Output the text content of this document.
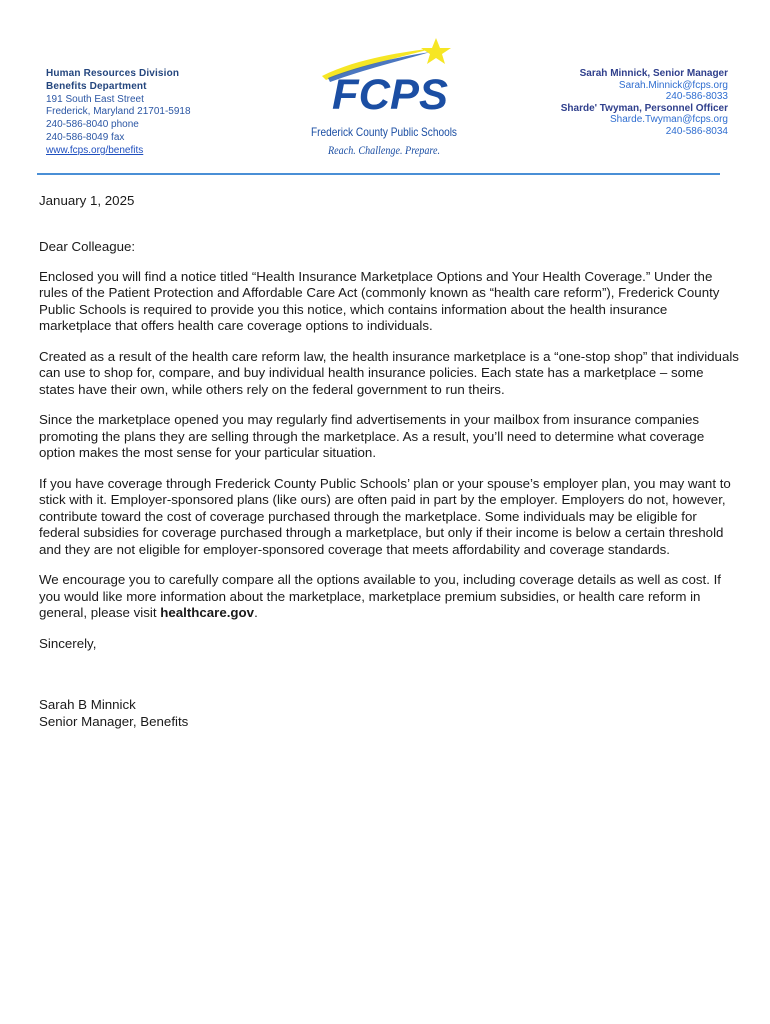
Human Resources Division
Benefits Department
191 South East Street
Frederick, Maryland 21701-5918
240-586-8040 phone
240-586-8049 fax
www.fcps.org/benefits
FCPS
Frederick County Public Schools
Reach. Challenge. Prepare.
Sarah Minnick, Senior Manager
Sarah.Minnick@fcps.org
240-586-8033
Sharde' Twyman, Personnel Officer
Sharde.Twyman@fcps.org
240-586-8034

January 1, 2025

Dear Colleague:

Enclosed you will find a notice titled “Health Insurance Marketplace Options and Your Health Coverage.” Under the rules of the Patient Protection and Affordable Care Act (commonly known as “health care reform”), Frederick County Public Schools is required to provide you this notice, which contains information about the health insurance marketplace that offers health care coverage options to individuals.

Created as a result of the health care reform law, the health insurance marketplace is a “one-stop shop” that individuals can use to shop for, compare, and buy individual health insurance policies. Each state has a marketplace – some states have their own, while others rely on the federal government to run theirs.

Since the marketplace opened you may regularly find advertisements in your mailbox from insurance companies promoting the plans they are selling through the marketplace. As a result, you’ll need to determine what coverage option makes the most sense for your particular situation.

If you have coverage through Frederick County Public Schools’ plan or your spouse’s employer plan, you may want to stick with it. Employer-sponsored plans (like ours) are often paid in part by the employer. Employers do not, however, contribute toward the cost of coverage purchased through the marketplace. Some individuals may be eligible for federal subsidies for coverage purchased through a marketplace, but only if their income is below a certain threshold and they are not eligible for employer-sponsored coverage that meets affordability and coverage standards.

We encourage you to carefully compare all the options available to you, including coverage details as well as cost. If you would like more information about the marketplace, marketplace premium subsidies, or health care reform in general, please visit healthcare.gov.

Sincerely,

Sarah B Minnick

Senior Manager, Benefits
